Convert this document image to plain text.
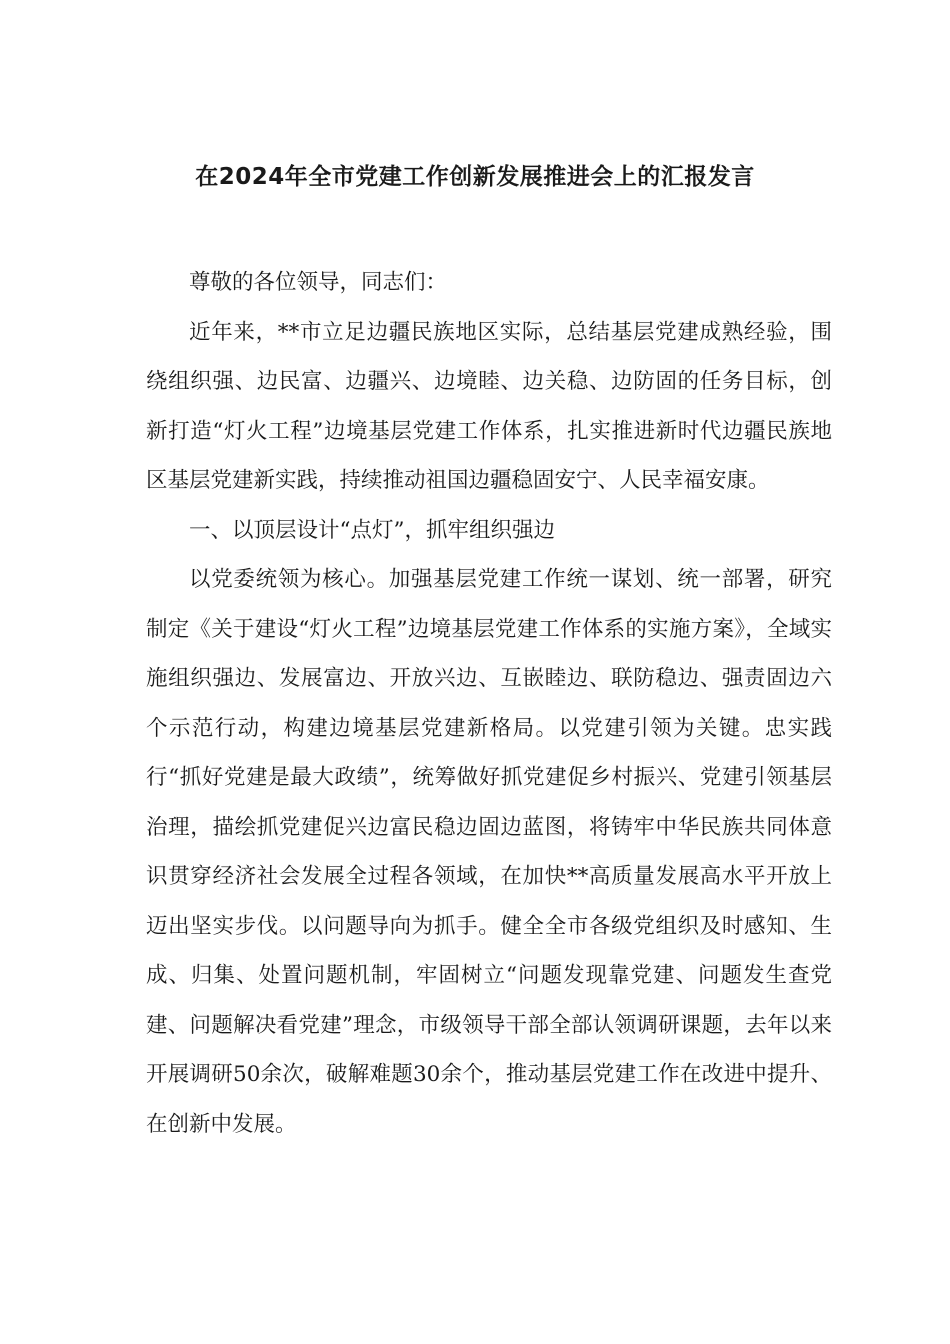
在2024年全市党建工作创新发展推进会上的汇报发言

尊敬的各位领导，同志们：

近年来，**市立足边疆民族地区实际，总结基层党建成熟经验，围绕组织强、边民富、边疆兴、边境睦、边关稳、边防固的任务目标，创新打造“灯火工程”边境基层党建工作体系，扎实推进新时代边疆民族地区基层党建新实践，持续推动祖国边疆稳固安宁、人民幸福安康。

一、以顶层设计“点灯”，抓牢组织强边

以党委统领为核心。加强基层党建工作统一谋划、统一部署，研究制定《关于建设“灯火工程”边境基层党建工作体系的实施方案》，全域实施组织强边、发展富边、开放兴边、互嵌睦边、联防稳边、强责固边六个示范行动，构建边境基层党建新格局。以党建引领为关键。忠实践行“抓好党建是最大政绩”，统筹做好抓党建促乡村振兴、党建引领基层治理，描绘抓党建促兴边富民稳边固边蓝图，将铸牢中华民族共同体意识贯穿经济社会发展全过程各领域，在加快**高质量发展高水平开放上迈出坚实步伐。以问题导向为抓手。健全全市各级党组织及时感知、生成、归集、处置问题机制，牢固树立“问题发现靠党建、问题发生查党建、问题解决看党建”理念，市级领导干部全部认领调研课题，去年以来开展调研50余次，破解难题30余个，推动基层党建工作在改进中提升、在创新中发展。
